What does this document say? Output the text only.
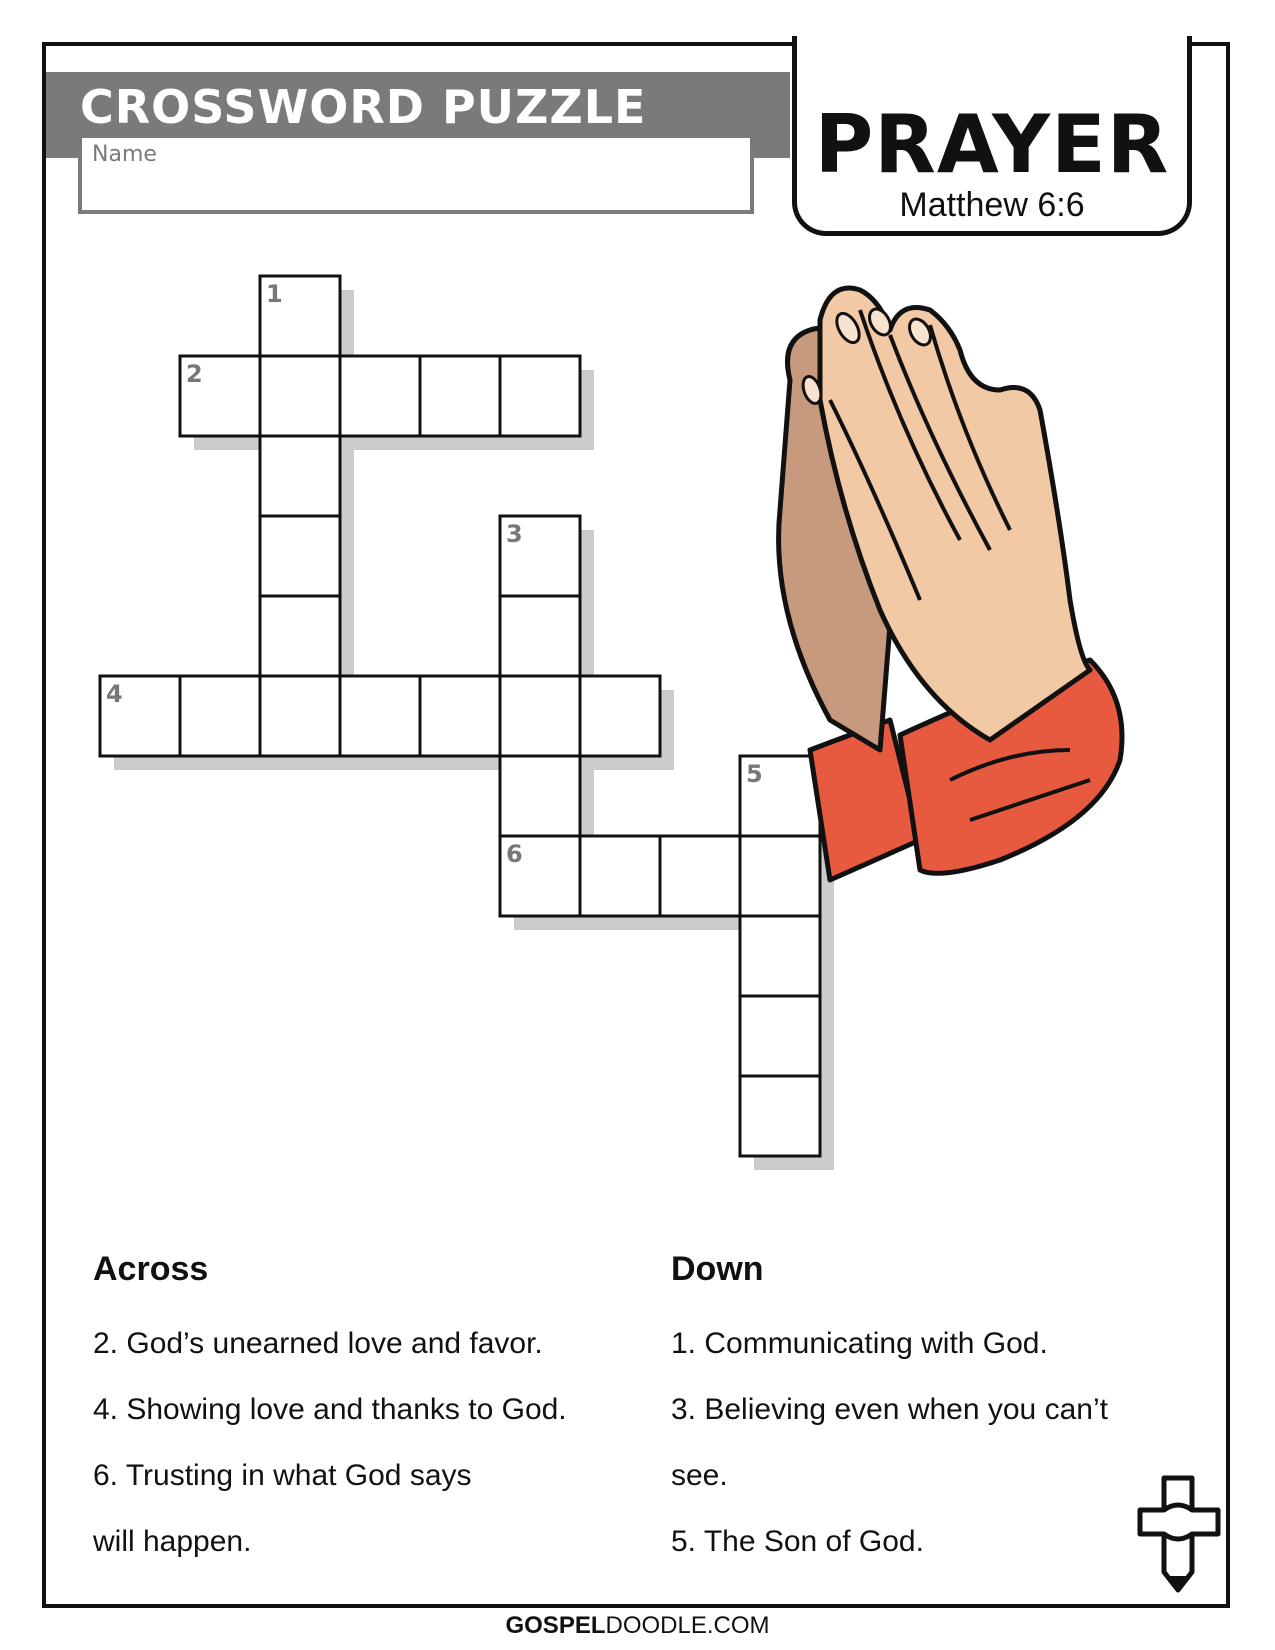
CROSSWORD PUZZLE
Name	PRAYER
Matthew 6:6
1
2
3
4
5
6
Across
2. God’s unearned love and favor.
4. Showing love and thanks to God.
6. Trusting in what God says
will happen.
Down
1. Communicating with God.
3. Believing even when you can’t
see.
5. The Son of God.
GOSPELDOODLE.COM
